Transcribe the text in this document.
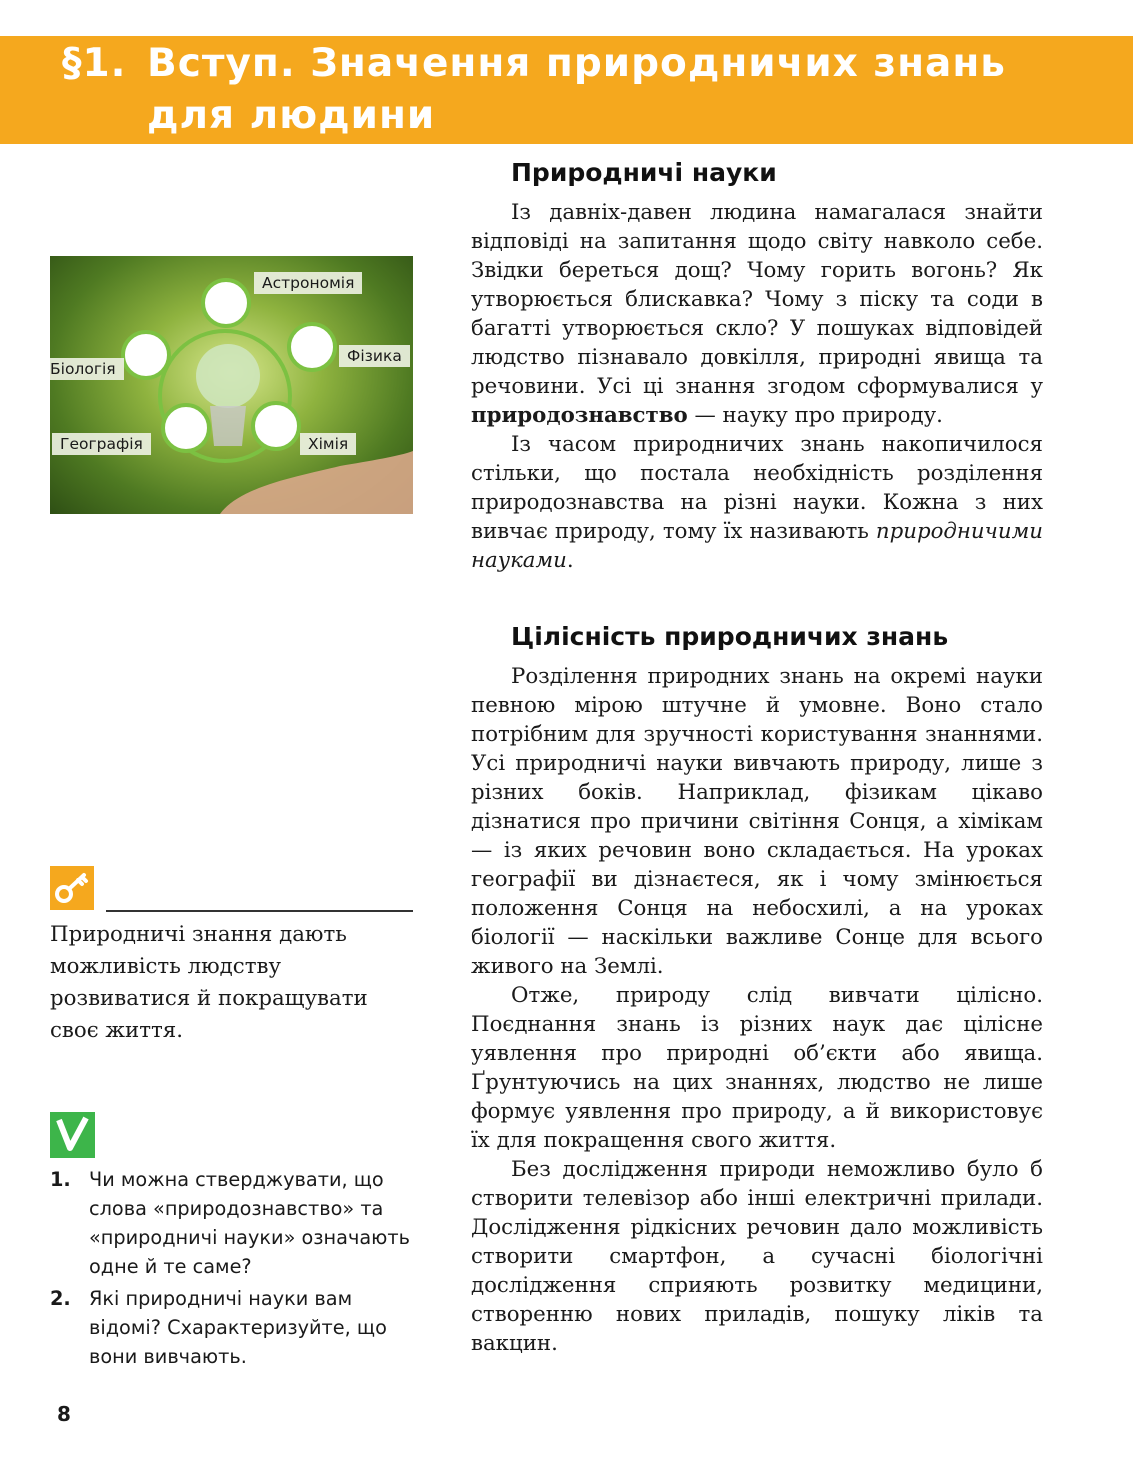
§1. Вступ. Значення природничих знань для людини
Природничі науки

Із давніх-давен людина намагалася знайти відповіді на запитання щодо світу навколо себе. Звідки береться дощ? Чому горить вогонь? Як утворюється блискавка? Чому з піску та соди в багатті утворюється скло? У пошуках відповідей людство пізнавало довкілля, природні явища та речовини. Усі ці знання згодом сформувалися у природознавство — науку про природу.

Із часом природничих знань накопичилося стільки, що постала необхідність розділення природознавства на різні науки. Кожна з них вивчає природу, тому їх називають природничими науками.

Цілісність природничих знань

Розділення природних знань на окремі науки певною мірою штучне й умовне. Воно стало потрібним для зручності користування знаннями. Усі природничі науки вивчають природу, лише з різних боків. Наприклад, фізикам цікаво дізнатися про причини світіння Сонця, а хімікам — із яких речовин воно складається. На уроках географії ви дізнаєтеся, як і чому змінюється положення Сонця на небосхилі, а на уроках біології — наскільки важливе Сонце для всього живого на Землі.

Отже, природу слід вивчати цілісно. Поєднання знань із різних наук дає цілісне уявлення про природні об’єкти або явища. Ґрунтуючись на цих знаннях, людство не лише формує уявлення про природу, а й використовує їх для покращення свого життя.

Без дослідження природи неможливо було б створити телевізор або інші електричні прилади. Дослідження рідкісних речовин дало можливість створити смартфон, а сучасні біологічні дослідження сприяють розвитку медицини, створенню нових приладів, пошуку ліків та вакцин.

Астрономія
Біологія
Фізика
Географія	Хімія
Природничі знання дають можливість людству розвиватися й покращувати своє життя.
1. Чи можна стверджувати, що слова «природознавство» та «природничі науки» означають одне й те саме?
2. Які природничі науки вам відомі? Схарактеризуйте, що вони вивчають.
8
